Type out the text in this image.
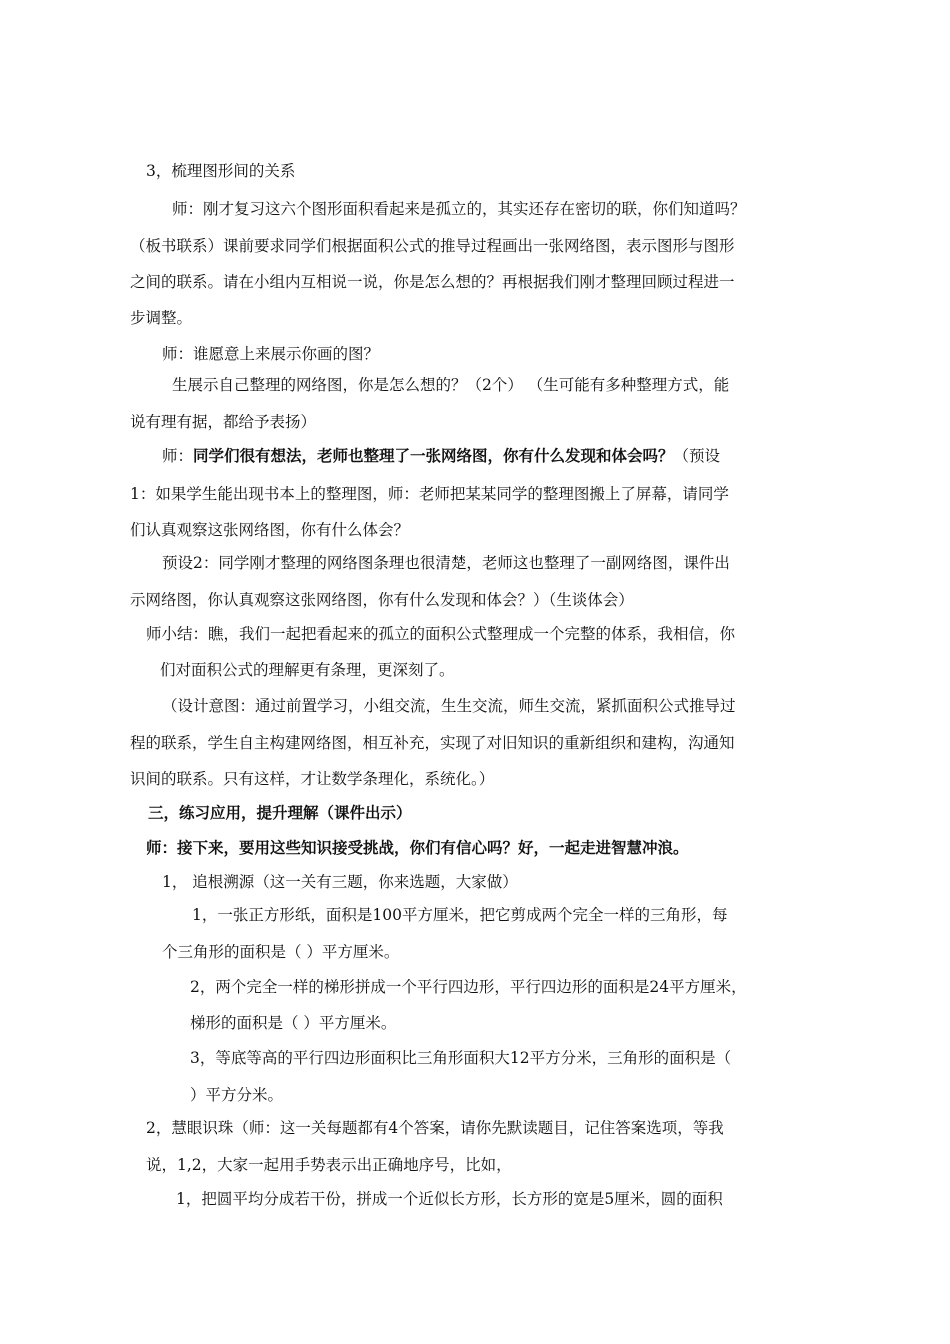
3，梳理图形间的关系

师：刚才复习这六个图形面积看起来是孤立的，其实还存在密切的联，你们知道吗？

（板书联系）课前要求同学们根据面积公式的推导过程画出一张网络图，表示图形与图形

之间的联系。请在小组内互相说一说，你是怎么想的？再根据我们刚才整理回顾过程进一

步调整。

师：谁愿意上来展示你画的图？

生展示自己整理的网络图，你是怎么想的？（2个） （生可能有多种整理方式，能

说有理有据，都给予表扬）

师：同学们很有想法，老师也整理了一张网络图，你有什么发现和体会吗？（预设

1：如果学生能出现书本上的整理图，师：老师把某某同学的整理图搬上了屏幕，请同学

们认真观察这张网络图，你有什么体会？

预设2：同学刚才整理的网络图条理也很清楚，老师这也整理了一副网络图，课件出

示网络图，你认真观察这张网络图，你有什么发现和体会？）（生谈体会）

师小结：瞧，我们一起把看起来的孤立的面积公式整理成一个完整的体系，我相信，你

们对面积公式的理解更有条理，更深刻了。

（设计意图：通过前置学习，小组交流，生生交流，师生交流，紧抓面积公式推导过

程的联系，学生自主构建网络图，相互补充，实现了对旧知识的重新组织和建构，沟通知

识间的联系。只有这样，才让数学条理化，系统化。）

三，练习应用，提升理解（课件出示）

师：接下来，要用这些知识接受挑战，你们有信心吗？好，一起走进智慧冲浪。

1， 追根溯源（这一关有三题，你来选题，大家做）

1，一张正方形纸，面积是100平方厘米，把它剪成两个完全一样的三角形，每

个三角形的面积是（ ）平方厘米。

2，两个完全一样的梯形拼成一个平行四边形，平行四边形的面积是24平方厘米，

梯形的面积是（ ）平方厘米。

3，等底等高的平行四边形面积比三角形面积大12平方分米，三角形的面积是（

）平方分米。

2，慧眼识珠（师：这一关每题都有4个答案，请你先默读题目，记住答案选项，等我

说，1,2，大家一起用手势表示出正确地序号，比如，

1，把圆平均分成若干份，拼成一个近似长方形，长方形的宽是5厘米，圆的面积
